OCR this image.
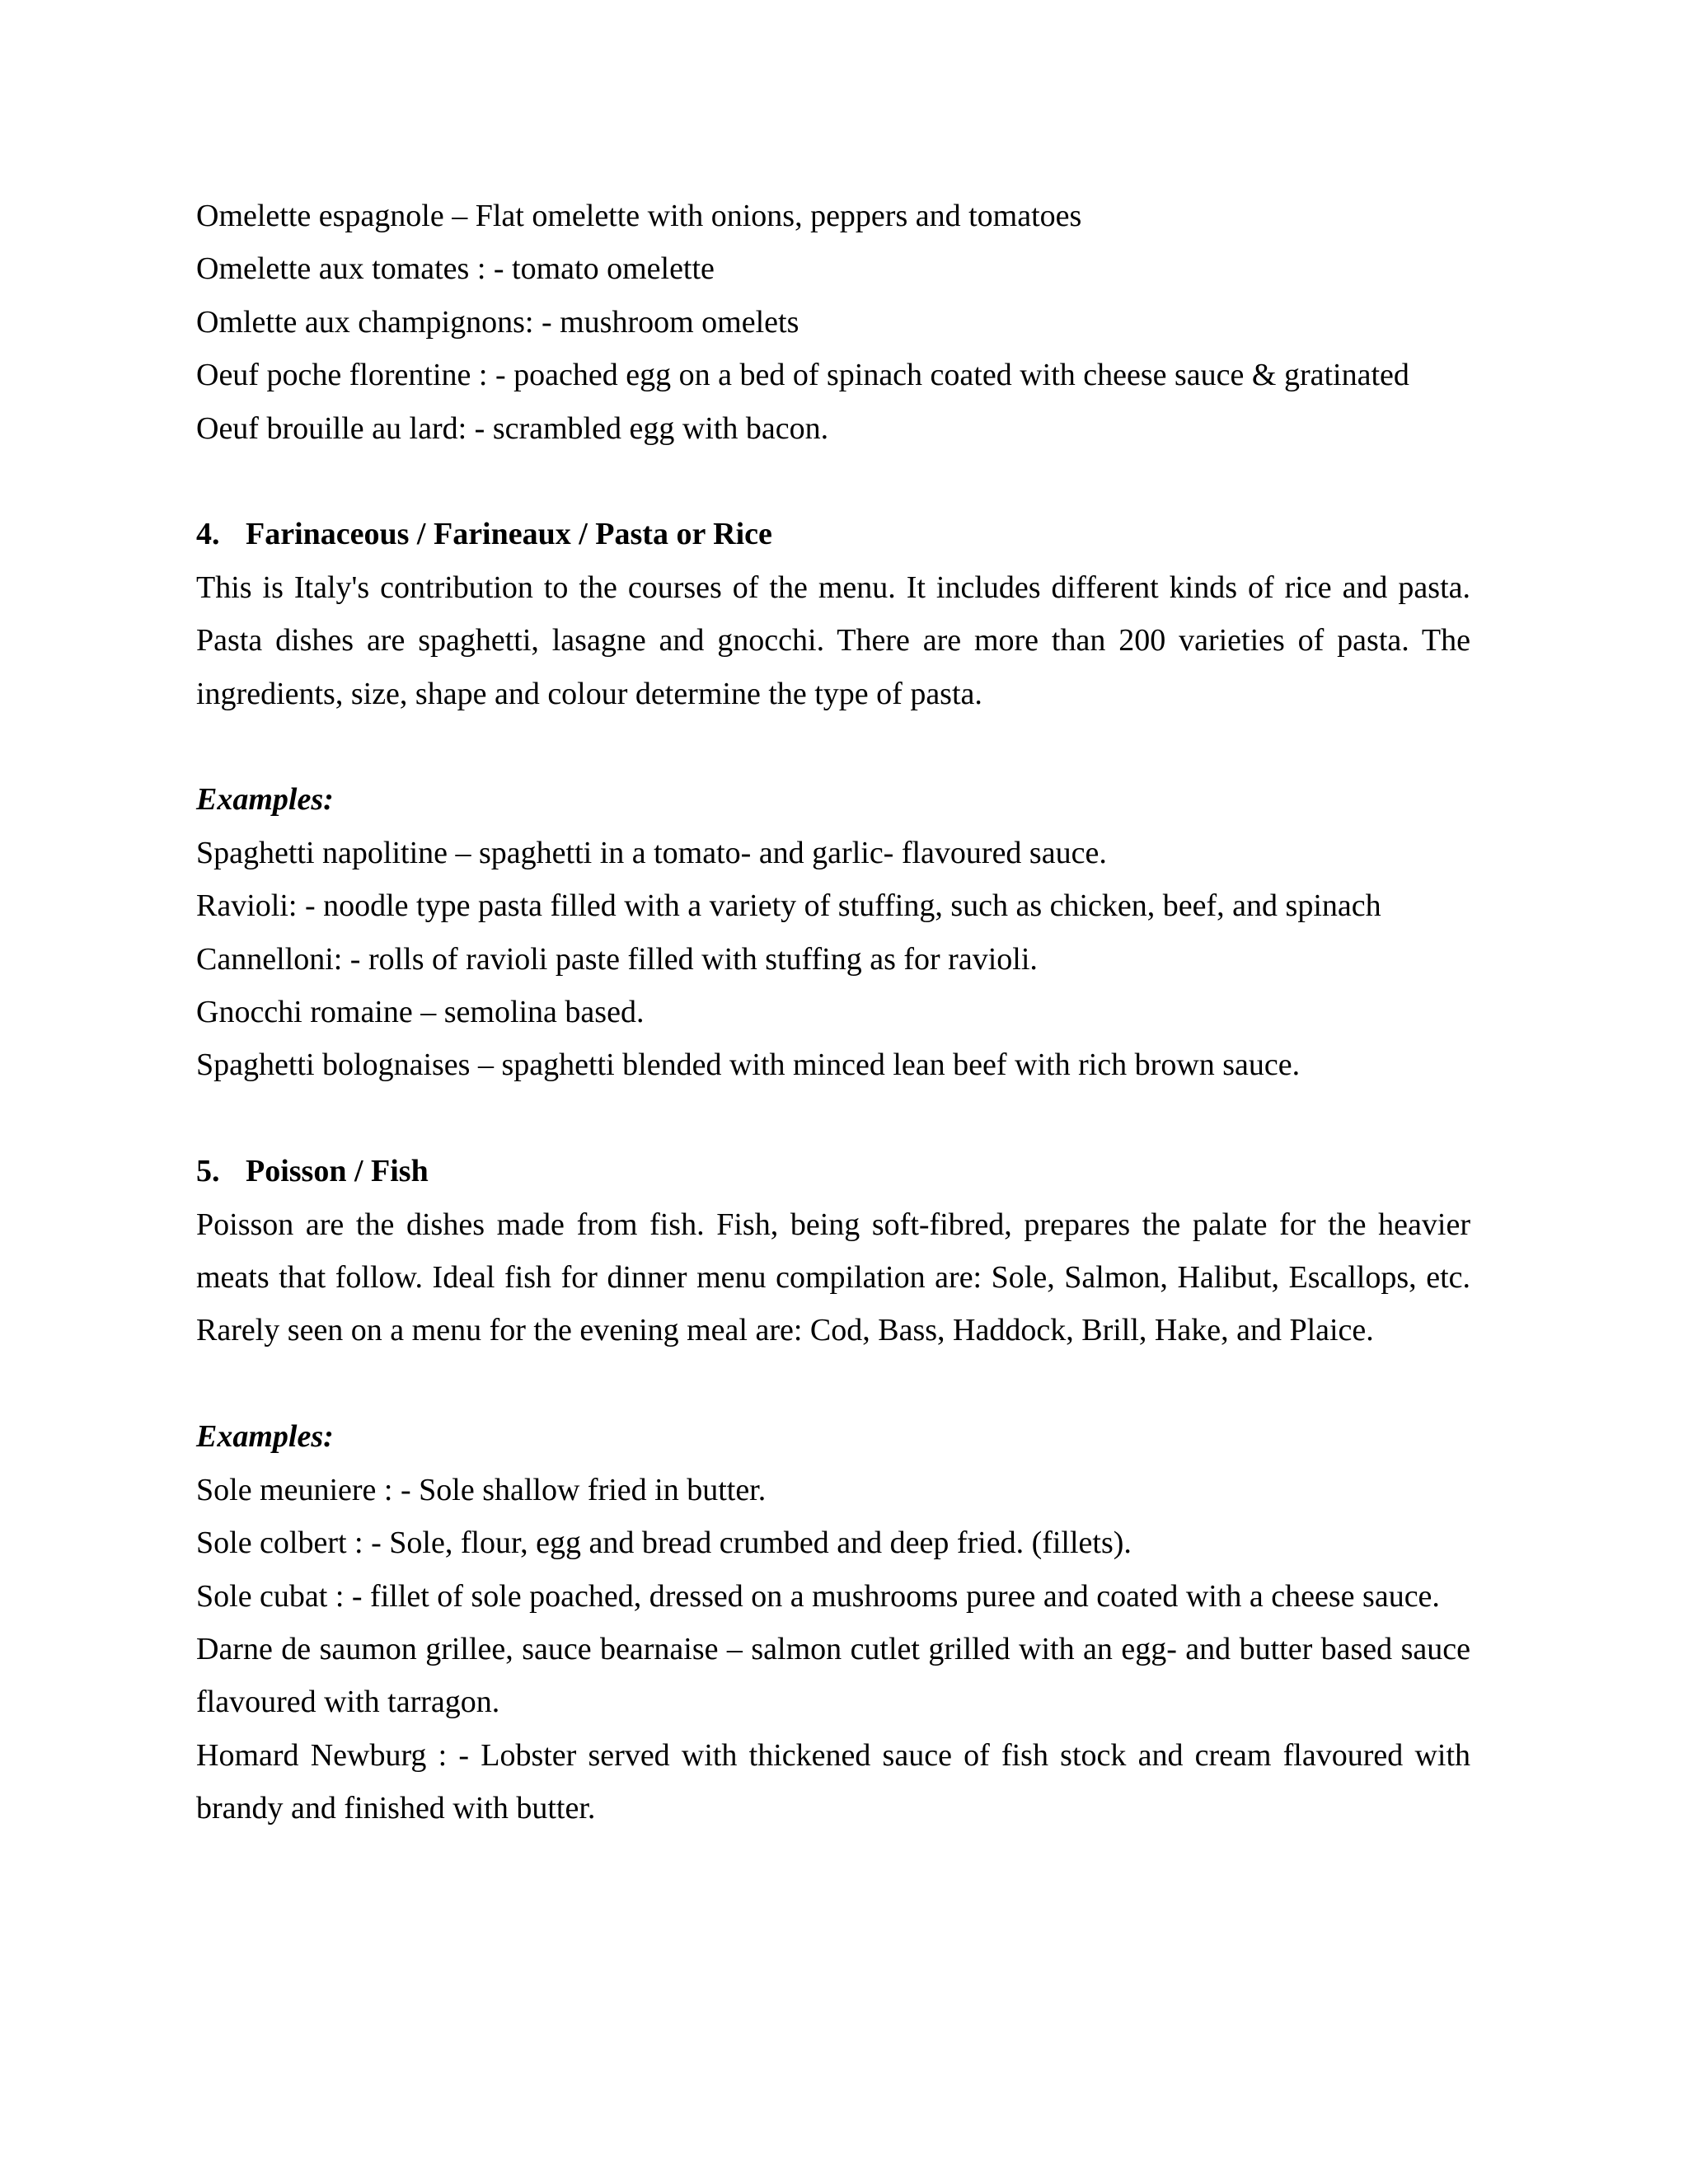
Omelette espagnole – Flat omelette with onions, peppers and tomatoes

Omelette aux tomates : - tomato omelette

Omlette aux champignons: - mushroom omelets

Oeuf poche florentine : - poached egg on a bed of spinach coated with cheese sauce & gratinated

Oeuf brouille au lard: - scrambled egg with bacon.

4. Farinaceous / Farineaux / Pasta or Rice

This is Italy's contribution to the courses of the menu. It includes different kinds of rice and pasta. Pasta dishes are spaghetti, lasagne and gnocchi. There are more than 200 varieties of pasta. The ingredients, size, shape and colour determine the type of pasta.

Examples:

Spaghetti napolitine – spaghetti in a tomato- and garlic- flavoured sauce.

Ravioli: - noodle type pasta filled with a variety of stuffing, such as chicken, beef, and spinach

Cannelloni: - rolls of ravioli paste filled with stuffing as for ravioli.

Gnocchi romaine – semolina based.

Spaghetti bolognaises – spaghetti blended with minced lean beef with rich brown sauce.

5. Poisson / Fish

Poisson are the dishes made from fish. Fish, being soft-fibred, prepares the palate for the heavier meats that follow. Ideal fish for dinner menu compilation are: Sole, Salmon, Halibut, Escallops, etc. Rarely seen on a menu for the evening meal are: Cod, Bass, Haddock, Brill, Hake, and Plaice.

Examples:

Sole meuniere : - Sole shallow fried in butter.

Sole colbert : - Sole, flour, egg and bread crumbed and deep fried. (fillets).

Sole cubat : - fillet of sole poached, dressed on a mushrooms puree and coated with a cheese sauce.

Darne de saumon grillee, sauce bearnaise – salmon cutlet grilled with an egg- and butter based sauce flavoured with tarragon.

Homard Newburg : - Lobster served with thickened sauce of fish stock and cream flavoured with brandy and finished with butter.
